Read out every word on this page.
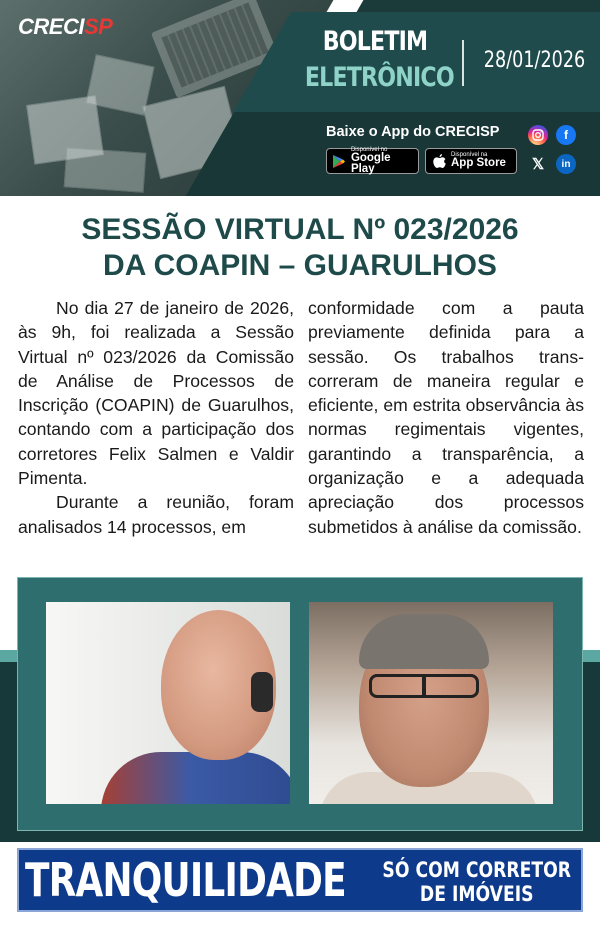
CRECISP	BOLETIM
ELETRÔNICO
28/01/2026
Baixe o App do CRECISP
Disponível no
Google Play
Disponível na
App Store
f
𝕏	in
SESSÃO VIRTUAL Nº 023/2026
DA COAPIN – GUARULHOS

No dia 27 de janeiro de 2026, às 9h, foi realizada a Sessão Virtual nº 023/2026 da Comissão de Análise de Processos de Inscrição (COAPIN) de Guarulhos, contando com a participação dos corretores Felix Salmen e Valdir Pimenta.

Durante a reunião, foram analisados 14 processos, em

conformidade com a pauta previamente definida para a sessão. Os trabalhos transcorreram de maneira regular e eficiente, em estrita observância às normas regimentais vigentes, garantindo a transparência, a organização e a adequada apreciação dos processos submetidos à análise da comissão.

TRANQUILIDADE SÓ COM CORRETOR
DE IMÓVEIS
